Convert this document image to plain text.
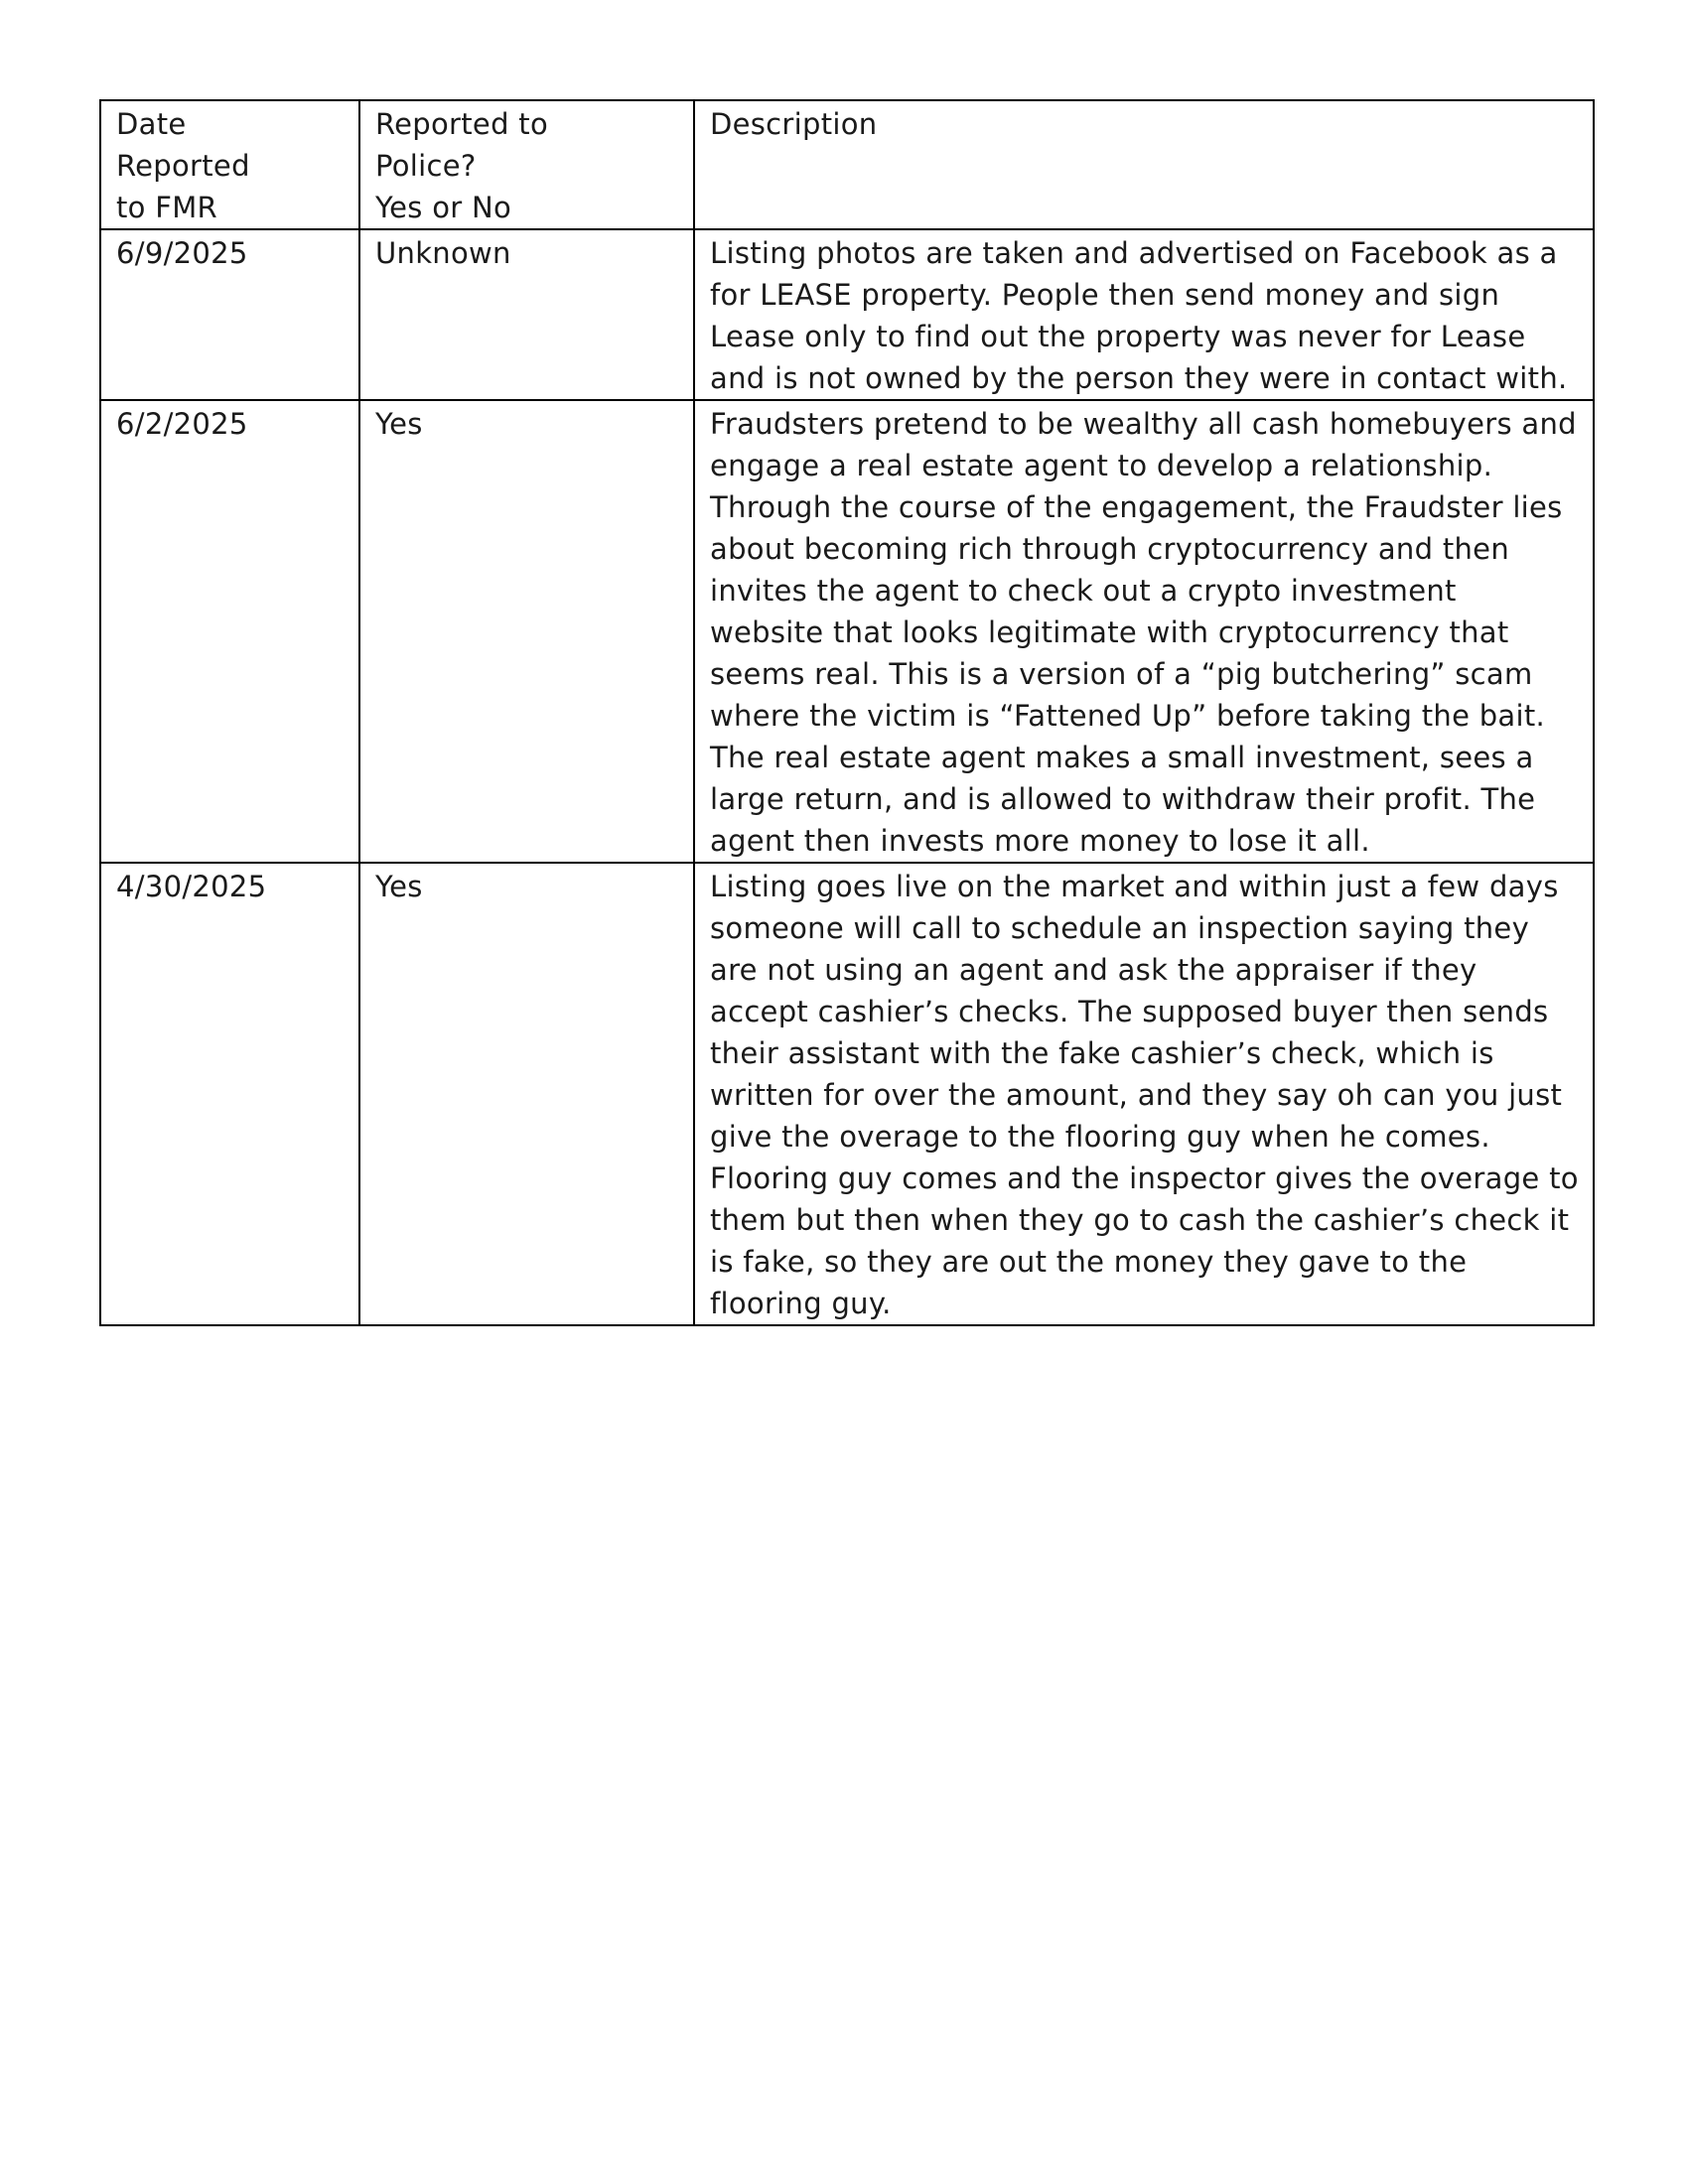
Date
Reported
to FMR	Reported to
Police?
Yes or No	Description
6/9/2025	Unknown	Listing photos are taken and advertised on Facebook as a for LEASE property. People then send money and sign Lease only to find out the property was never for Lease and is not owned by the person they were in contact with.
6/2/2025	Yes	Fraudsters pretend to be wealthy all cash homebuyers and engage a real estate agent to develop a relationship. Through the course of the engagement, the Fraudster lies about becoming rich through cryptocurrency and then invites the agent to check out a crypto investment website that looks legitimate with cryptocurrency that seems real. This is a version of a “pig butchering” scam where the victim is “Fattened Up” before taking the bait. The real estate agent makes a small investment, sees a large return, and is allowed to withdraw their profit. The agent then invests more money to lose it all.
4/30/2025	Yes	Listing goes live on the market and within just a few days someone will call to schedule an inspection saying they are not using an agent and ask the appraiser if they accept cashier’s checks. The supposed buyer then sends their assistant with the fake cashier’s check, which is written for over the amount, and they say oh can you just give the overage to the flooring guy when he comes. Flooring guy comes and the inspector gives the overage to them but then when they go to cash the cashier’s check it is fake, so they are out the money they gave to the flooring guy.
